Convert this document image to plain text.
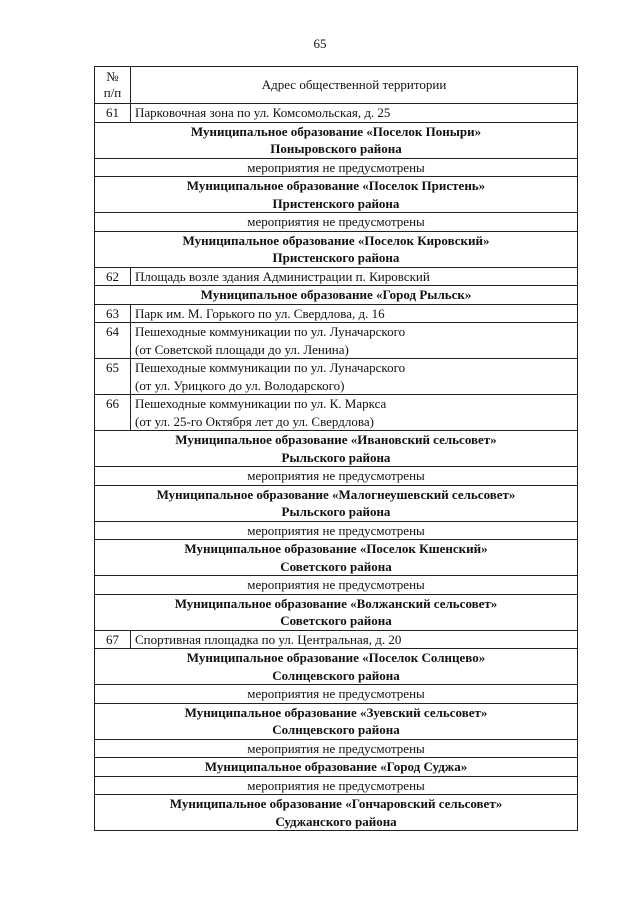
65
№
п/п	Адрес общественной территории
61	Парковочная зона по ул. Комсомольская, д. 25

Муниципальное образование «Поселок Поныри»
Поныровского района	

мероприятия не предусмотрены	

Муниципальное образование «Поселок Пристень»
Пристенского района	

мероприятия не предусмотрены	

Муниципальное образование «Поселок Кировский»
Пристенского района	

62	Площадь возле здания Администрации п. Кировский

Муниципальное образование «Город Рыльск»	

63	Парк им. М. Горького по ул. Свердлова, д. 16

64	Пешеходные коммуникации по ул. Луначарского
(от Советской площади до ул. Ленина)

65	Пешеходные коммуникации по ул. Луначарского
(от ул. Урицкого до ул. Володарского)

66	Пешеходные коммуникации по ул. К. Маркса
(от ул. 25-го Октября лет до ул. Свердлова)

Муниципальное образование «Ивановский сельсовет»
Рыльского района	

мероприятия не предусмотрены	

Муниципальное образование «Малогнеушевский сельсовет»
Рыльского района	

мероприятия не предусмотрены	

Муниципальное образование «Поселок Кшенский»
Советского района	

мероприятия не предусмотрены	

Муниципальное образование «Волжанский сельсовет»
Советского района	

67	Спортивная площадка по ул. Центральная, д. 20

Муниципальное образование «Поселок Солнцево»
Солнцевского района	

мероприятия не предусмотрены	

Муниципальное образование «Зуевский сельсовет»
Солнцевского района	

мероприятия не предусмотрены	

Муниципальное образование «Город Суджа»	

мероприятия не предусмотрены	

Муниципальное образование «Гончаровский сельсовет»
Суджанского района	
